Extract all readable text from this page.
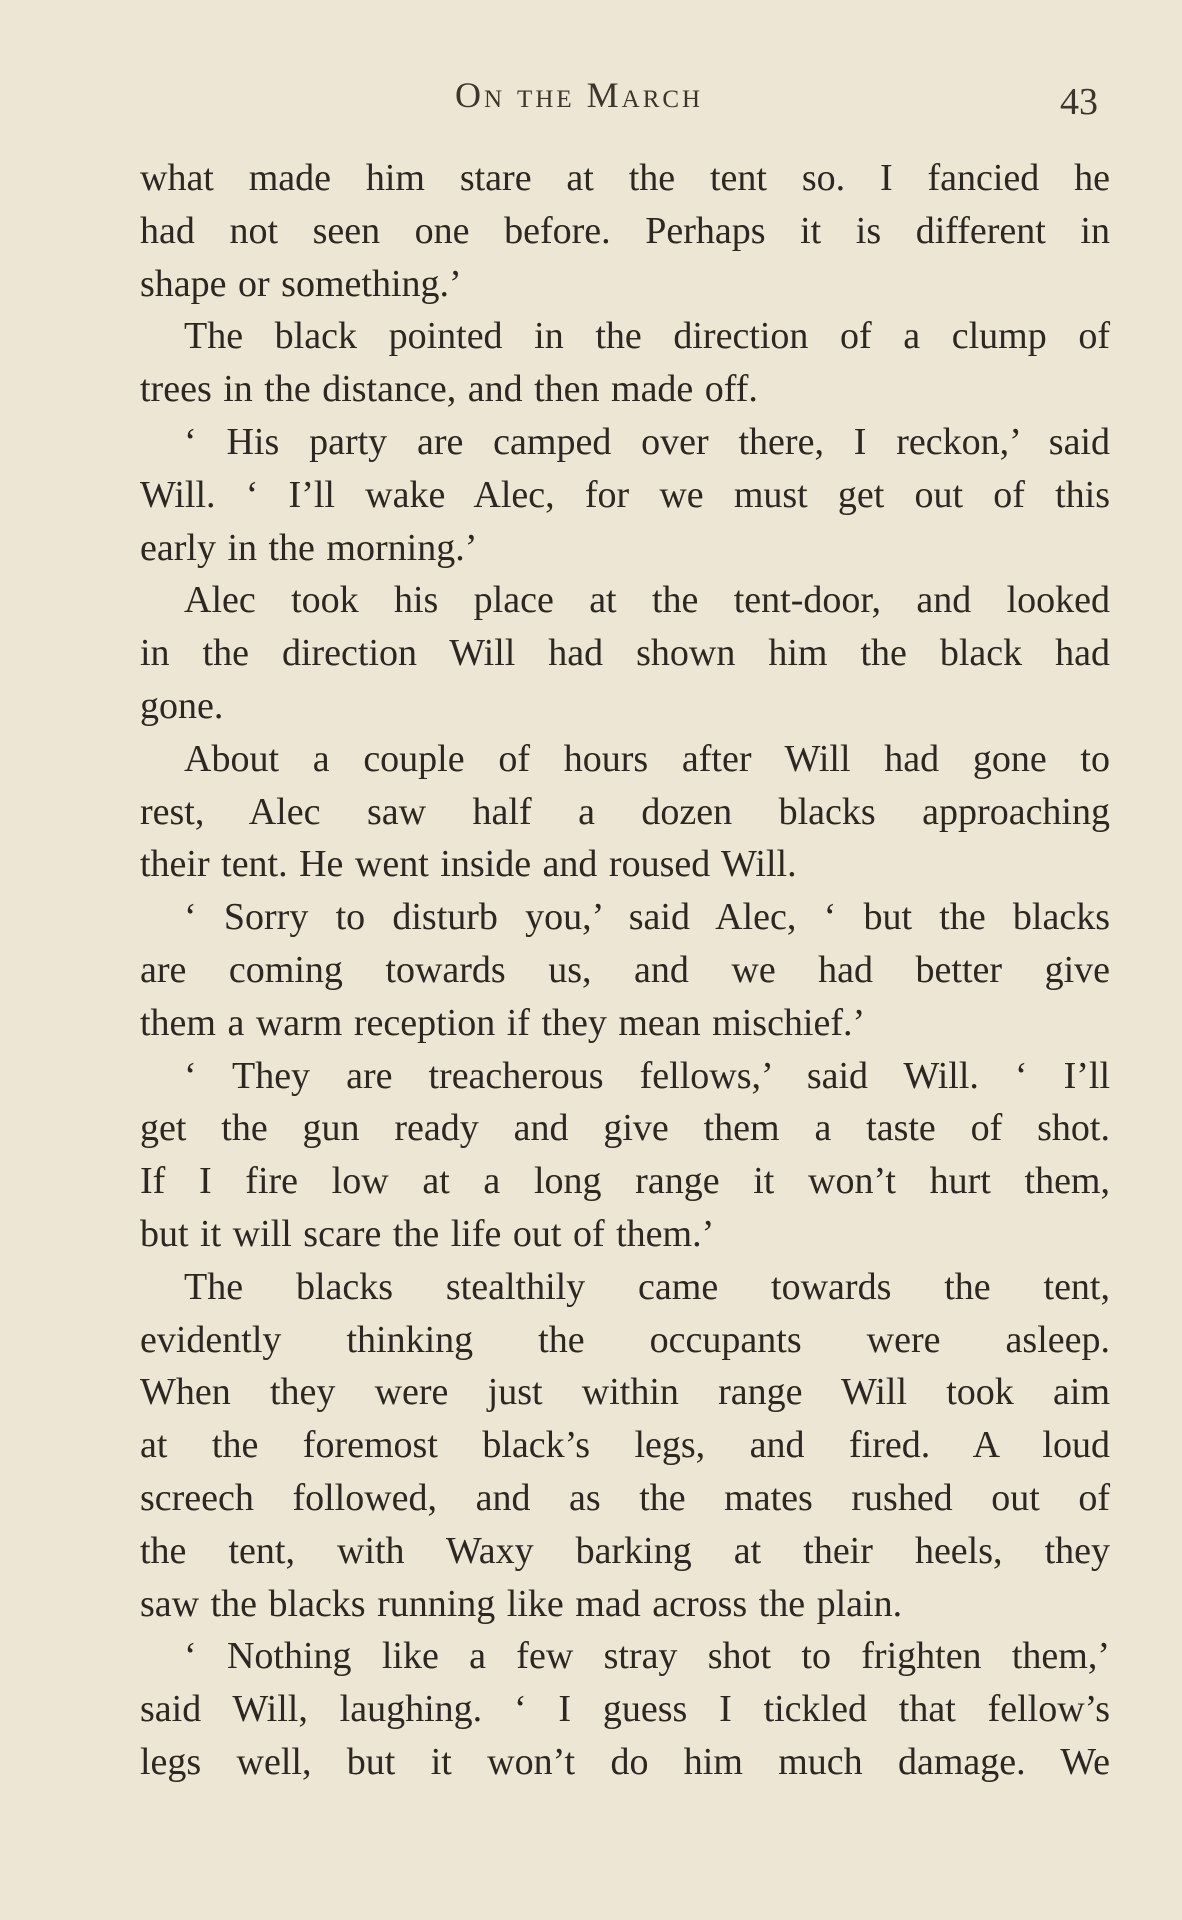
On the March	43
what made him stare at the tent so. I fancied he
had not seen one before. Perhaps it is different in
shape or something.’
The black pointed in the direction of a clump of
trees in the distance, and then made off.
‘ His party are camped over there, I reckon,’ said
Will. ‘ I’ll wake Alec, for we must get out of this
early in the morning.’
Alec took his place at the tent-door, and looked
in the direction Will had shown him the black had
gone.
About a couple of hours after Will had gone to
rest, Alec saw half a dozen blacks approaching
their tent. He went inside and roused Will.
‘ Sorry to disturb you,’ said Alec, ‘ but the blacks
are coming towards us, and we had better give
them a warm reception if they mean mischief.’
‘ They are treacherous fellows,’ said Will. ‘ I’ll
get the gun ready and give them a taste of shot.
If I fire low at a long range it won’t hurt them,
but it will scare the life out of them.’
The blacks stealthily came towards the tent,
evidently thinking the occupants were asleep.
When they were just within range Will took aim
at the foremost black’s legs, and fired. A loud
screech followed, and as the mates rushed out of
the tent, with Waxy barking at their heels, they
saw the blacks running like mad across the plain.
‘ Nothing like a few stray shot to frighten them,’
said Will, laughing. ‘ I guess I tickled that fellow’s
legs well, but it won’t do him much damage. We
